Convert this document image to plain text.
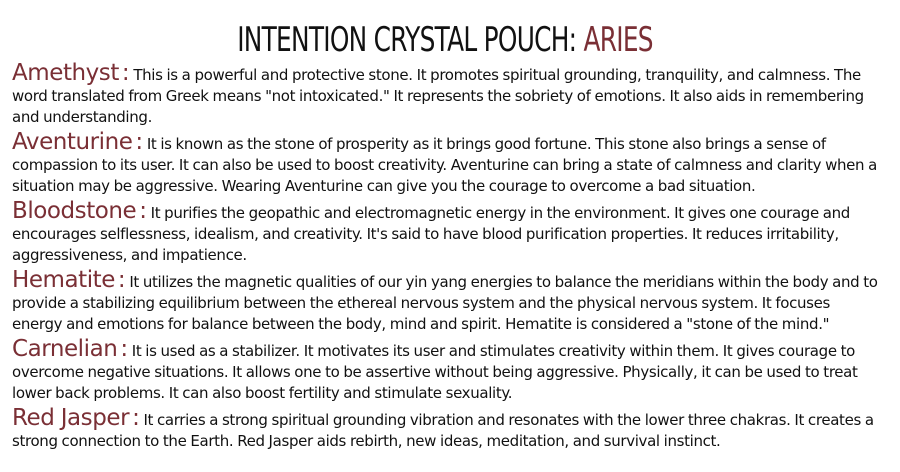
INTENTION CRYSTAL POUCH: ARIES

Amethyst : This is a powerful and protective stone. It promotes spiritual grounding, tranquility, and calmness. The word translated from Greek means "not intoxicated." It represents the sobriety of emotions. It also aids in remembering and understanding.

Aventurine : It is known as the stone of prosperity as it brings good fortune. This stone also brings a sense of compassion to its user. It can also be used to boost creativity. Aventurine can bring a state of calmness and clarity when a situation may be aggressive. Wearing Aventurine can give you the courage to overcome a bad situation.

Bloodstone : It purifies the geopathic and electromagnetic energy in the environment. It gives one courage and encourages selflessness, idealism, and creativity. It's said to have blood purification properties. It reduces irritability, aggressiveness, and impatience.

Hematite : It utilizes the magnetic qualities of our yin yang energies to balance the meridians within the body and to provide a stabilizing equilibrium between the ethereal nervous system and the physical nervous system. It focuses energy and emotions for balance between the body, mind and spirit. Hematite is considered a "stone of the mind."

Carnelian : It is used as a stabilizer. It motivates its user and stimulates creativity within them. It gives courage to overcome negative situations. It allows one to be assertive without being aggressive. Physically, it can be used to treat lower back problems. It can also boost fertility and stimulate sexuality.

Red Jasper : It carries a strong spiritual grounding vibration and resonates with the lower three chakras. It creates a strong connection to the Earth. Red Jasper aids rebirth, new ideas, meditation, and survival instinct.
